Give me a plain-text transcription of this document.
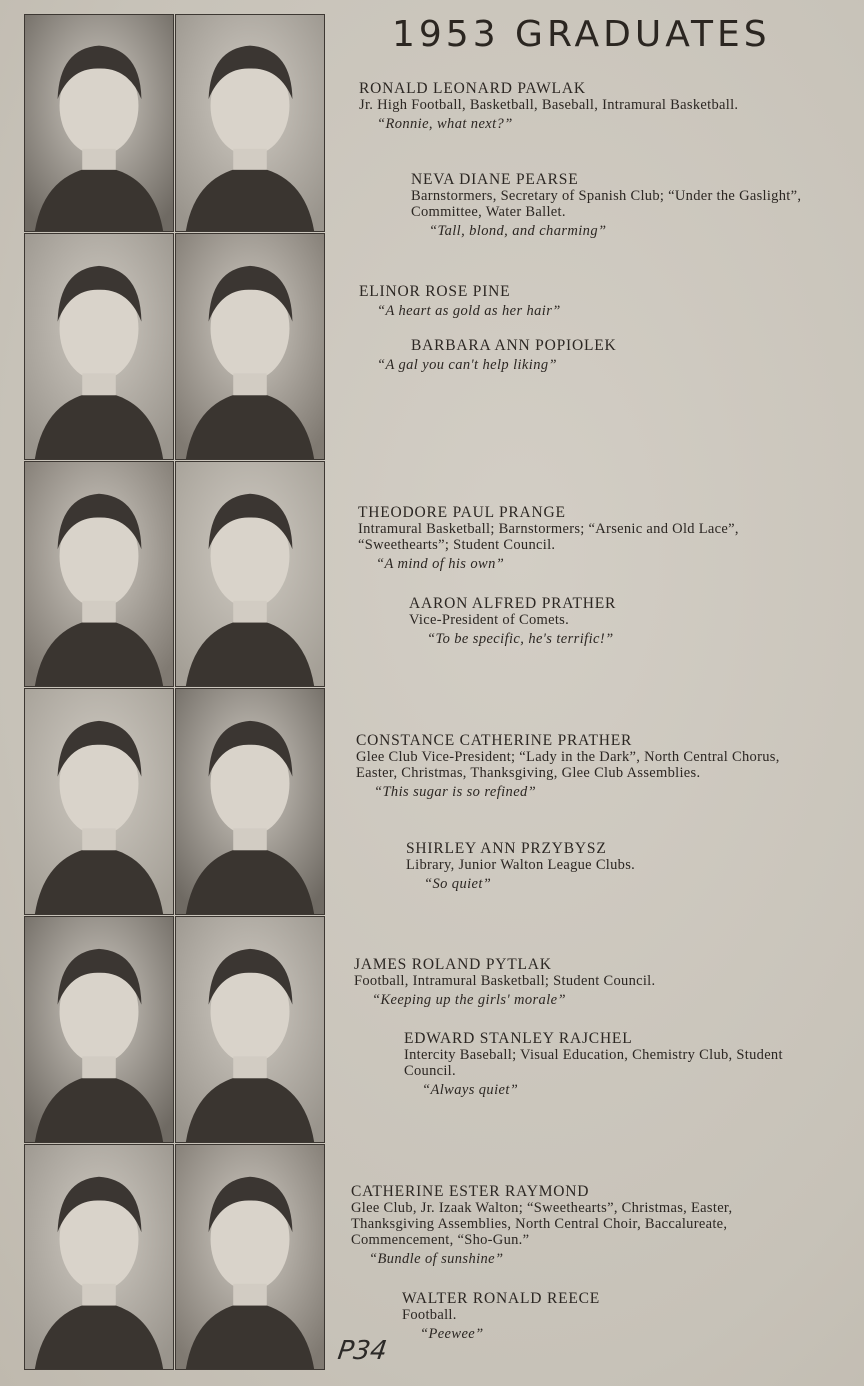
1953 GRADUATES
RONALD LEONARD PAWLAK
Jr. High Football, Basketball, Baseball, Intramural Basketball.
“Ronnie, what next?”
NEVA DIANE PEARSE
Barnstormers, Secretary of Spanish Club; “Under the Gaslight”, Committee, Water Ballet.
“Tall, blond, and charming”
ELINOR ROSE PINE
“A heart as gold as her hair”
BARBARA ANN POPIOLEK
“A gal you can't help liking”
THEODORE PAUL PRANGE
Intramural Basketball; Barnstormers; “Arsenic and Old Lace”, “Sweethearts”; Student Council.
“A mind of his own”
AARON ALFRED PRATHER
Vice-President of Comets.
“To be specific, he's terrific!”
CONSTANCE CATHERINE PRATHER
Glee Club Vice-President; “Lady in the Dark”, North Central Chorus, Easter, Christmas, Thanksgiving, Glee Club Assemblies.
“This sugar is so refined”
SHIRLEY ANN PRZYBYSZ
Library, Junior Walton League Clubs.
“So quiet”
JAMES ROLAND PYTLAK
Football, Intramural Basketball; Student Council.
“Keeping up the girls' morale”
EDWARD STANLEY RAJCHEL
Intercity Baseball; Visual Education, Chemistry Club, Student Council.
“Always quiet”
CATHERINE ESTER RAYMOND
Glee Club, Jr. Izaak Walton; “Sweethearts”, Christmas, Easter, Thanksgiving Assemblies, North Central Choir, Baccalureate, Commencement, “Sho-Gun.”
“Bundle of sunshine”
WALTER RONALD REECE
Football.
“Peewee”
P34
